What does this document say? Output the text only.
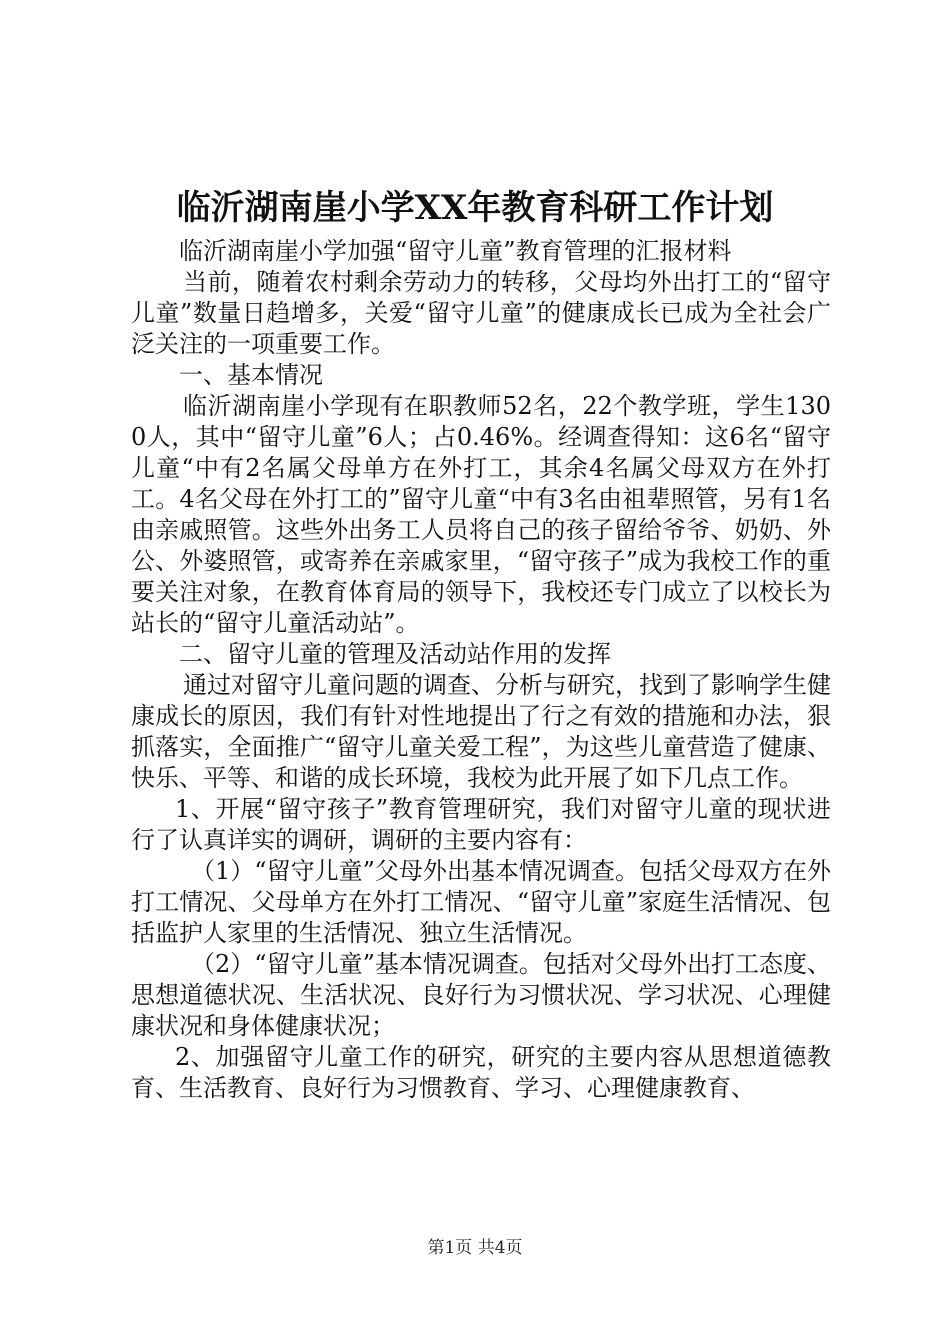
临沂湖南崖小学XX年教育科研工作计划

临沂湖南崖小学加强“留守儿童”教育管理的汇报材料

当前，随着农村剩余劳动力的转移，父母均外出打工的“留守儿童”数量日趋增多，关爱“留守儿童”的健康成长已成为全社会广泛关注的一项重要工作。

一、基本情况

临沂湖南崖小学现有在职教师52名，22个教学班，学生1300人，其中“留守儿童”6人；占0.46%。经调查得知：这6名“留守儿童“中有2名属父母单方在外打工，其余4名属父母双方在外打工。4名父母在外打工的”留守儿童“中有3名由祖辈照管，另有1名由亲戚照管。这些外出务工人员将自己的孩子留给爷爷、奶奶、外公、外婆照管，或寄养在亲戚家里，“留守孩子”成为我校工作的重要关注对象，在教育体育局的领导下，我校还专门成立了以校长为站长的“留守儿童活动站”。

二、留守儿童的管理及活动站作用的发挥

通过对留守儿童问题的调查、分析与研究，找到了影响学生健康成长的原因，我们有针对性地提出了行之有效的措施和办法，狠抓落实，全面推广“留守儿童关爱工程”，为这些儿童营造了健康、快乐、平等、和谐的成长环境，我校为此开展了如下几点工作。

1、开展“留守孩子”教育管理研究，我们对留守儿童的现状进行了认真详实的调研，调研的主要内容有：

（1）“留守儿童”父母外出基本情况调查。包括父母双方在外打工情况、父母单方在外打工情况、“留守儿童”家庭生活情况、包括监护人家里的生活情况、独立生活情况。

（2）“留守儿童”基本情况调查。包括对父母外出打工态度、思想道德状况、生活状况、良好行为习惯状况、学习状况、心理健康状况和身体健康状况；

2、加强留守儿童工作的研究，研究的主要内容从思想道德教育、生活教育、良好行为习惯教育、学习、心理健康教育、

第1页 共4页
